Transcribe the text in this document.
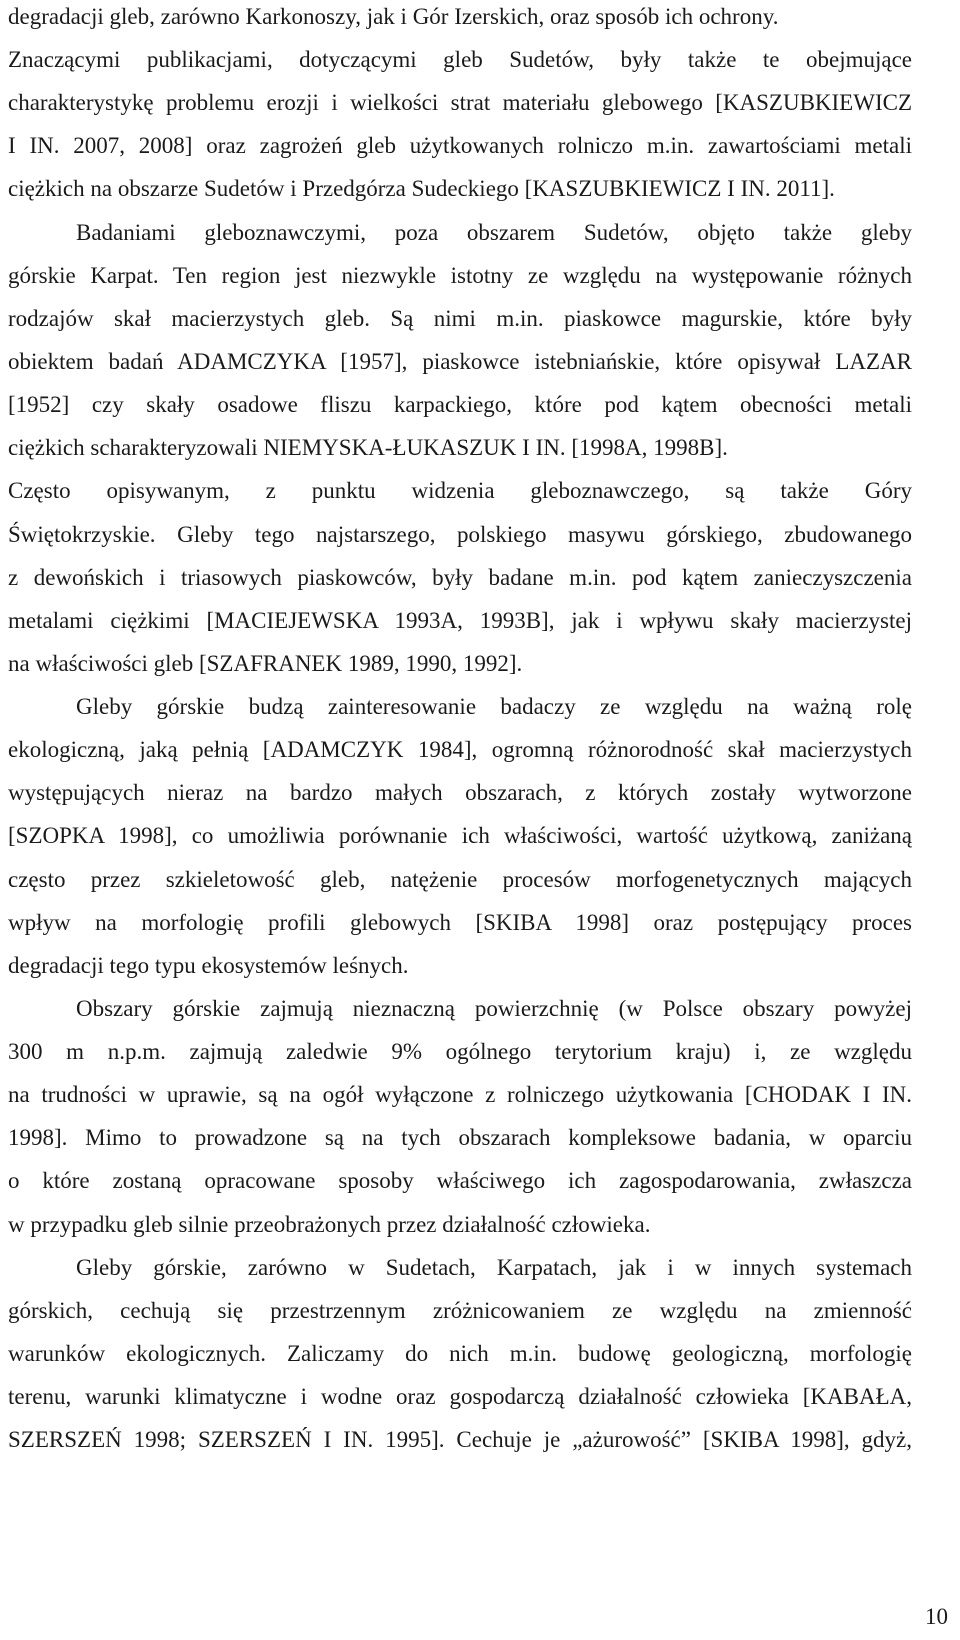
degradacji gleb, zarówno Karkonoszy, jak i Gór Izerskich, oraz sposób ich ochrony.
Znaczącymi publikacjami, dotyczącymi gleb Sudetów, były także te obejmujące
charakterystykę problemu erozji i wielkości strat materiału glebowego [KASZUBKIEWICZ
I IN. 2007, 2008] oraz zagrożeń gleb użytkowanych rolniczo m.in. zawartościami metali
ciężkich na obszarze Sudetów i Przedgórza Sudeckiego [KASZUBKIEWICZ I IN. 2011].
Badaniami gleboznawczymi, poza obszarem Sudetów, objęto także gleby
górskie Karpat. Ten region jest niezwykle istotny ze względu na występowanie różnych
rodzajów skał macierzystych gleb. Są nimi m.in. piaskowce magurskie, które były
obiektem badań ADAMCZYKA [1957], piaskowce istebniańskie, które opisywał LAZAR
[1952] czy skały osadowe fliszu karpackiego, które pod kątem obecności metali
ciężkich scharakteryzowali NIEMYSKA-ŁUKASZUK I IN. [1998A, 1998B].
Często opisywanym, z punktu widzenia gleboznawczego, są także Góry
Świętokrzyskie. Gleby tego najstarszego, polskiego masywu górskiego, zbudowanego
z dewońskich i triasowych piaskowców, były badane m.in. pod kątem zanieczyszczenia
metalami ciężkimi [MACIEJEWSKA 1993A, 1993B], jak i wpływu skały macierzystej
na właściwości gleb [SZAFRANEK 1989, 1990, 1992].
Gleby górskie budzą zainteresowanie badaczy ze względu na ważną rolę
ekologiczną, jaką pełnią [ADAMCZYK 1984], ogromną różnorodność skał macierzystych
występujących nieraz na bardzo małych obszarach, z których zostały wytworzone
[SZOPKA 1998], co umożliwia porównanie ich właściwości, wartość użytkową, zaniżaną
często przez szkieletowość gleb, natężenie procesów morfogenetycznych mających
wpływ na morfologię profili glebowych [SKIBA 1998] oraz postępujący proces
degradacji tego typu ekosystemów leśnych.
Obszary górskie zajmują nieznaczną powierzchnię (w Polsce obszary powyżej
300 m n.p.m. zajmują zaledwie 9% ogólnego terytorium kraju) i, ze względu
na trudności w uprawie, są na ogół wyłączone z rolniczego użytkowania [CHODAK I IN.
1998]. Mimo to prowadzone są na tych obszarach kompleksowe badania, w oparciu
o które zostaną opracowane sposoby właściwego ich zagospodarowania, zwłaszcza
w przypadku gleb silnie przeobrażonych przez działalność człowieka.
Gleby górskie, zarówno w Sudetach, Karpatach, jak i w innych systemach
górskich, cechują się przestrzennym zróżnicowaniem ze względu na zmienność
warunków ekologicznych. Zaliczamy do nich m.in. budowę geologiczną, morfologię
terenu, warunki klimatyczne i wodne oraz gospodarczą działalność człowieka [KABAŁA,
SZERSZEŃ 1998; SZERSZEŃ I IN. 1995]. Cechuje je „ażurowość” [SKIBA 1998], gdyż,
10
